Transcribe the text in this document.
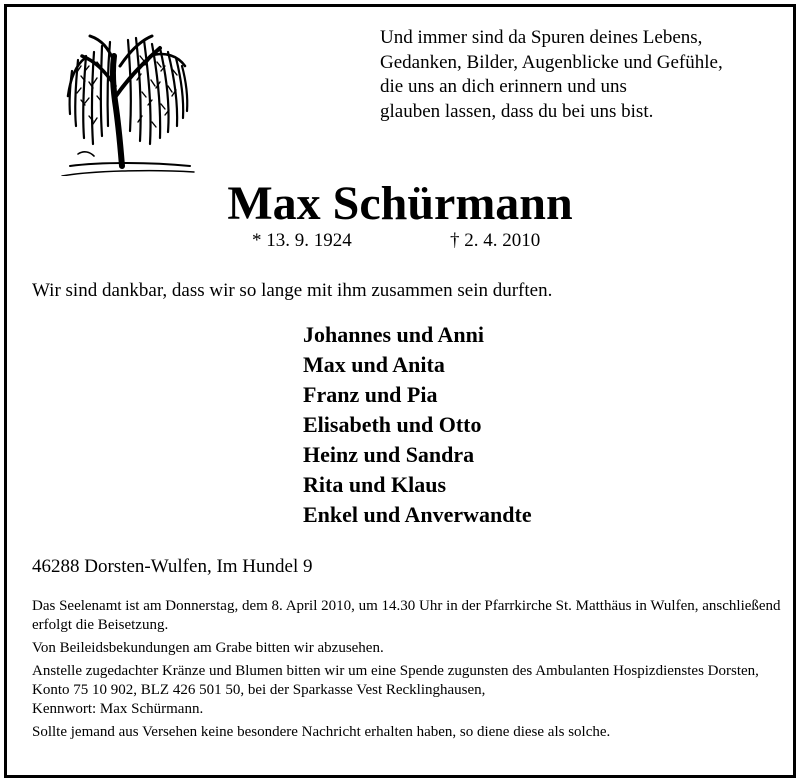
Und immer sind da Spuren deines Lebens,
Gedanken, Bilder, Augenblicke und Gefühle,
die uns an dich erinnern und uns
glauben lassen, dass du bei uns bist.
Max Schürmann
* 13. 9. 1924	† 2. 4. 2010
Wir sind dankbar, dass wir so lange mit ihm zusammen sein durften.
Johannes und Anni
Max und Anita
Franz und Pia
Elisabeth und Otto
Heinz und Sandra
Rita und Klaus
Enkel und Anverwandte
46288 Dorsten-Wulfen, Im Hundel 9

Das Seelenamt ist am Donnerstag, dem 8. April 2010, um 14.30 Uhr in der Pfarrkirche St. Matthäus in Wulfen, anschließend erfolgt die Beisetzung.

Von Beileidsbekundungen am Grabe bitten wir abzusehen.

Anstelle zugedachter Kränze und Blumen bitten wir um eine Spende zugunsten des Ambulanten Hospizdienstes Dorsten, Konto 75 10 902, BLZ 426 501 50, bei der Sparkasse Vest Recklinghausen,
Kennwort: Max Schürmann.

Sollte jemand aus Versehen keine besondere Nachricht erhalten haben, so diene diese als solche.
